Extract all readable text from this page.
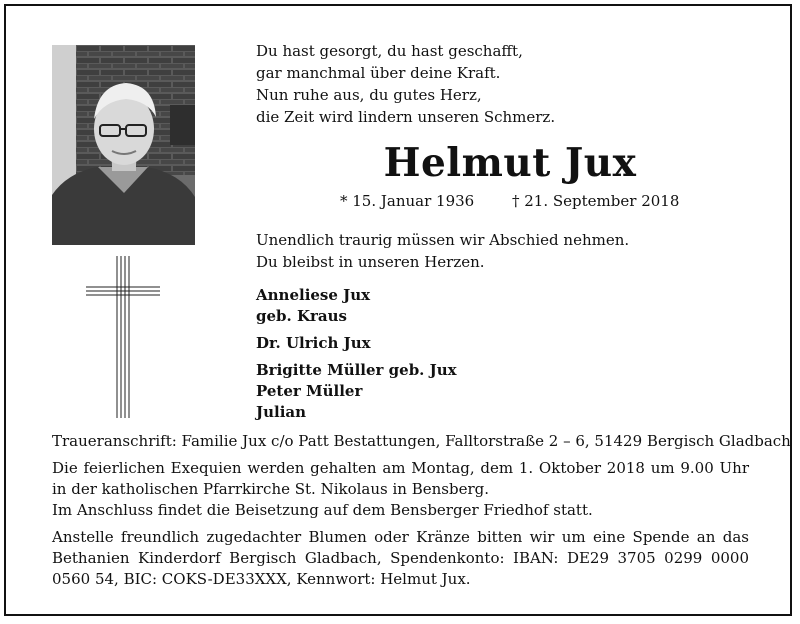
Du hast gesorgt, du hast geschafft,
gar manchmal über deine Kraft.
Nun ruhe aus, du gutes Herz,
die Zeit wird lindern unseren Schmerz.
Helmut Jux
* 15. Januar 1936	† 21. September 2018
Unendlich traurig müssen wir Abschied nehmen.
Du bleibst in unseren Herzen.
Anneliese Jux
geb. Kraus
Dr. Ulrich Jux
Brigitte Müller geb. Jux
Peter Müller
Julian

Traueranschrift: Familie Jux c/o Patt Bestattungen, Falltorstraße 2 – 6, 51429 Bergisch Gladbach

Die feierlichen Exequien werden gehalten am Montag, dem 1. Oktober 2018 um 9.00 Uhr in der katholischen Pfarrkirche St. Nikolaus in Bensberg.

Im Anschluss findet die Beisetzung auf dem Bensberger Friedhof statt.

Anstelle freundlich zugedachter Blumen oder Kränze bitten wir um eine Spende an das Bethanien Kinderdorf Bergisch Gladbach, Spendenkonto: IBAN: DE29 3705 0299 0000 0560 54, BIC: COKS-DE33XXX, Kennwort: Helmut Jux.
